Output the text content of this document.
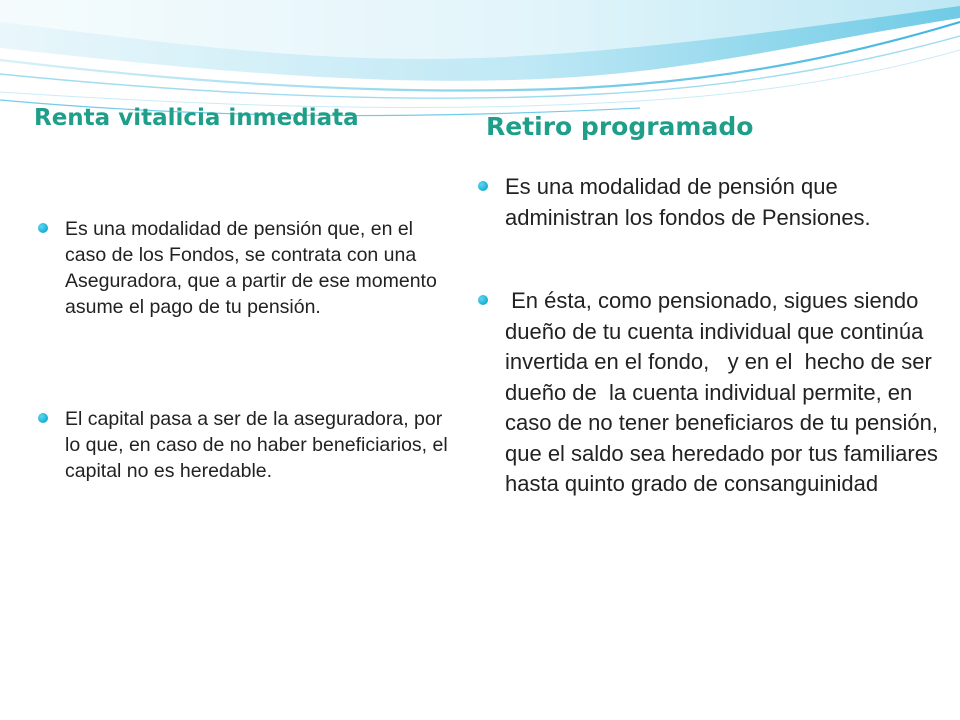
Renta vitalicia inmediata	Retiro programado
Es una modalidad de pensión que, en el caso de los Fondos, se contrata con una Aseguradora, que a partir de ese momento asume el pago de tu pensión.
El capital pasa a ser de la aseguradora, por lo que, en caso de no haber beneficiarios, el capital no es heredable.
Es una modalidad de pensión que administran los fondos de Pensiones.
En ésta, como pensionado, sigues siendo dueño de tu cuenta individual que continúa invertida en el fondo,   y en el  hecho de ser dueño de  la cuenta individual permite, en caso de no tener beneficiaros de tu pensión, que el saldo sea heredado por tus familiares hasta quinto grado de consanguinidad
